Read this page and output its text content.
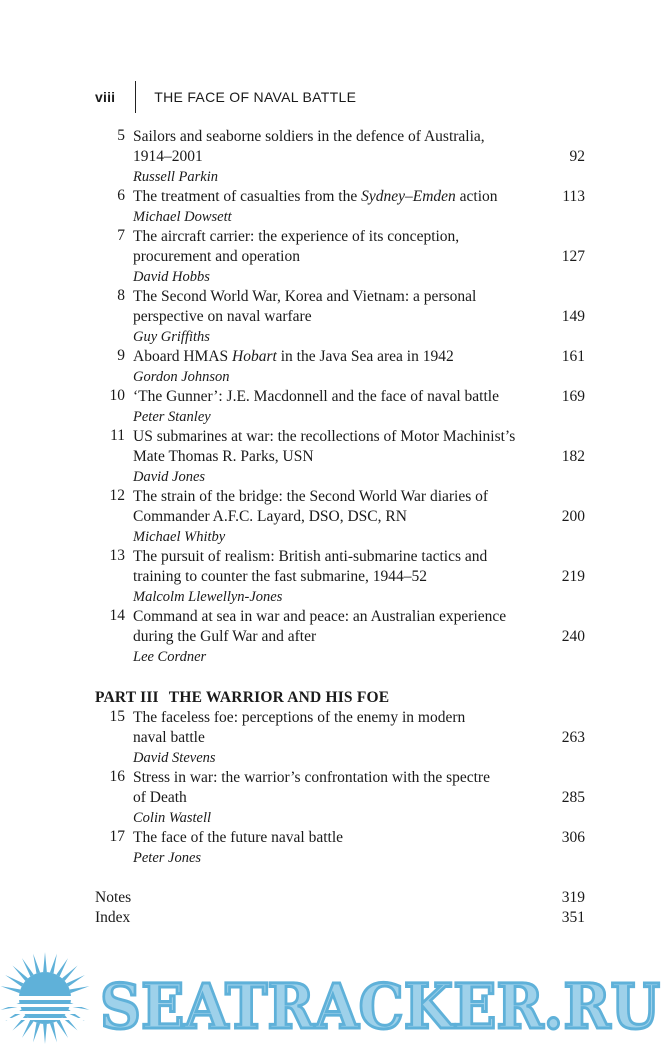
viii	THE FACE OF NAVAL BATTLE
5 Sailors and seaborne soldiers in the defence of Australia,
1914–2001	92
Russell Parkin
6 The treatment of casualties from the Sydney–Emden action	113
Michael Dowsett
7 The aircraft carrier: the experience of its conception,
procurement and operation	127
David Hobbs
8 The Second World War, Korea and Vietnam: a personal
perspective on naval warfare	149
Guy Griffiths
9 Aboard HMAS Hobart in the Java Sea area in 1942	161
Gordon Johnson
10 ‘The Gunner’: J.E. Macdonnell and the face of naval battle	169
Peter Stanley
11 US submarines at war: the recollections of Motor Machinist’s
Mate Thomas R. Parks, USN	182
David Jones
12 The strain of the bridge: the Second World War diaries of
Commander A.F.C. Layard, DSO, DSC, RN	200
Michael Whitby
13 The pursuit of realism: British anti-submarine tactics and
training to counter the fast submarine, 1944–52	219
Malcolm Llewellyn-Jones
14 Command at sea in war and peace: an Australian experience
during the Gulf War and after	240
Lee Cordner
PART III THE WARRIOR AND HIS FOE
15 The faceless foe: perceptions of the enemy in modern
naval battle	263
David Stevens
16 Stress in war: the warrior’s confrontation with the spectre
of Death	285
Colin Wastell
17 The face of the future naval battle	306
Peter Jones
Notes	319
Index	351
SEATRACKER.RU
